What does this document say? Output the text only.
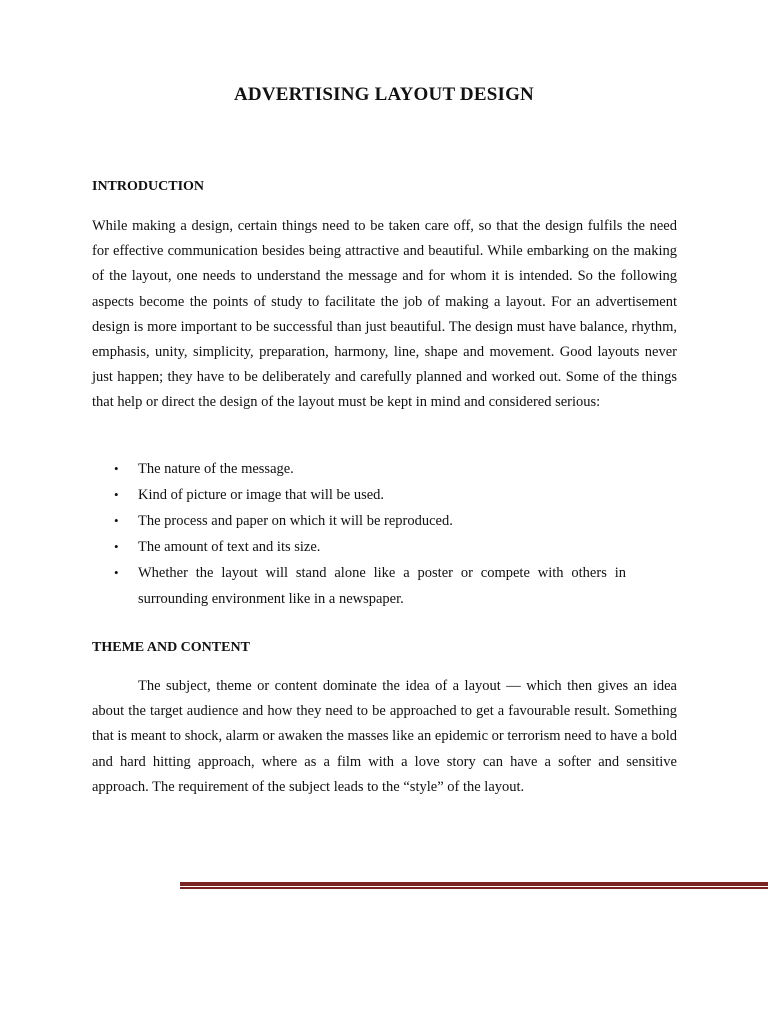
ADVERTISING LAYOUT DESIGN
INTRODUCTION

While making a design, certain things need to be taken care off, so that the design fulfils the need for effective communication besides being attractive and beautiful. While embarking on the making of the layout, one needs to understand the message and for whom it is intended. So the following aspects become the points of study to facilitate the job of making a layout. For an advertisement design is more important to be successful than just beautiful. The design must have balance, rhythm, emphasis, unity, simplicity, preparation, harmony, line, shape and movement. Good layouts never just happen; they have to be deliberately and carefully planned and worked out. Some of the things that help or direct the design of the layout must be kept in mind and considered serious:

• The nature of the message.
• Kind of picture or image that will be used.
• The process and paper on which it will be reproduced.
• The amount of text and its size.
• Whether the layout will stand alone like a poster or compete with others in surrounding environment like in a newspaper.
THEME AND CONTENT

The subject, theme or content dominate the idea of a layout — which then gives an idea about the target audience and how they need to be approached to get a favourable result. Something that is meant to shock, alarm or awaken the masses like an epidemic or terrorism need to have a bold and hard hitting approach, where as a film with a love story can have a softer and sensitive approach. The requirement of the subject leads to the “style” of the layout.
